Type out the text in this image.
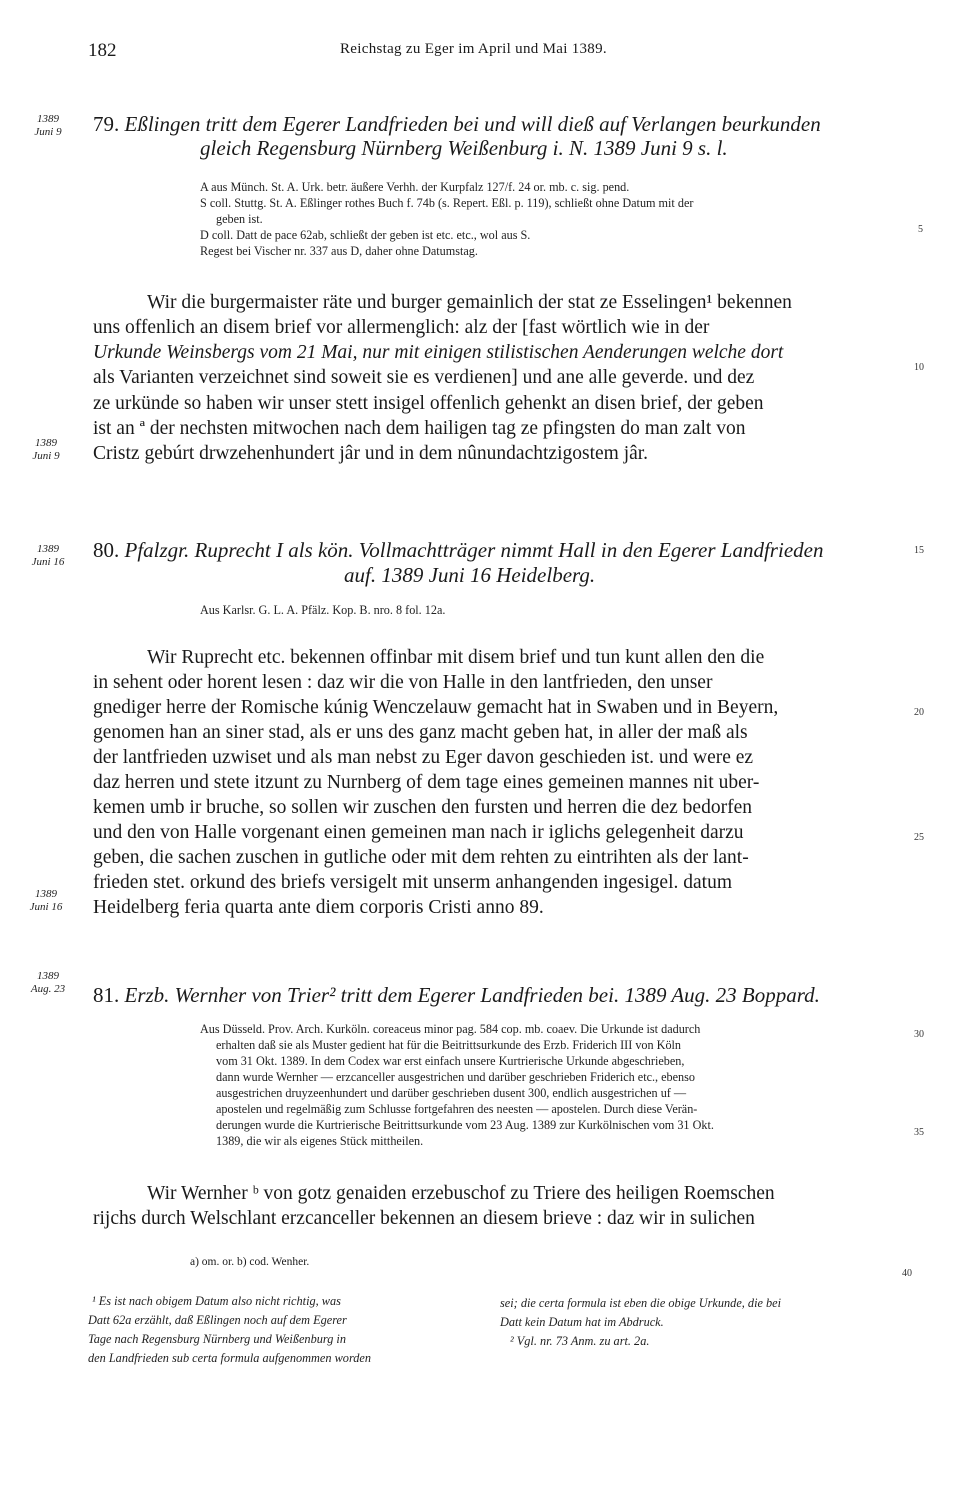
182	Reichstag zu Eger im April und Mai 1389.
1389
Juni 9	79. Eßlingen tritt dem Egerer Landfrieden bei und will dieß auf Verlangen beurkunden
gleich Regensburg Nürnberg Weißenburg i. N. 1389 Juni 9 s. l.
A aus Münch. St. A. Urk. betr. äußere Verhh. der Kurpfalz 127/f. 24 or. mb. c. sig. pend.
S coll. Stuttg. St. A. Eßlinger rothes Buch f. 74b (s. Repert. Eßl. p. 119), schließt ohne Datum mit der
geben ist.
D coll. Datt de pace 62ab, schließt der geben ist etc. etc., wol aus S.
Regest bei Vischer nr. 337 aus D, daher ohne Datumstag.
Wir die burgermaister räte und burger gemainlich der stat ze Esselingen¹ bekennen
uns offenlich an disem brief vor allermenglich: alz der [fast wörtlich wie in der
Urkunde Weinsbergs vom 21 Mai, nur mit einigen stilistischen Aenderungen welche dort
als Varianten verzeichnet sind soweit sie es verdienen] und ane alle geverde. und dez
ze urkünde so haben wir unser stett insigel offenlich gehenkt an disen brief, der geben
ist an ª der nechsten mitwochen nach dem hailigen tag ze pfingsten do man zalt von
Cristz gebúrt drwzehenhundert jâr und in dem nûnundachtzigostem jâr.
1389
Juni 9
1389
Juni 16 80. Pfalzgr. Ruprecht I als kön. Vollmachtträger nimmt Hall in den Egerer Landfrieden
auf. 1389 Juni 16 Heidelberg.
Aus Karlsr. G. L. A. Pfälz. Kop. B. nro. 8 fol. 12a.
Wir Ruprecht etc. bekennen offinbar mit disem brief und tun kunt allen den die
in sehent oder horent lesen : daz wir die von Halle in den lantfrieden, den unser
gnediger herre der Romische kúnig Wenczelauw gemacht hat in Swaben und in Beyern,
genomen han an siner stad, als er uns des ganz macht geben hat, in aller der maß als
der lantfrieden uzwiset und als man nebst zu Eger davon geschieden ist. und were ez
daz herren und stete itzunt zu Nurnberg of dem tage eines gemeinen mannes nit uber-
kemen umb ir bruche, so sollen wir zuschen den fursten und herren die dez bedorfen
und den von Halle vorgenant einen gemeinen man nach ir iglichs gelegenheit darzu
geben, die sachen zuschen in gutliche oder mit dem rehten zu eintrihten als der lant-
frieden stet. orkund des briefs versigelt mit unserm anhangenden ingesigel. datum
Heidelberg feria quarta ante diem corporis Cristi anno 89.
1389
Juni 16
1389
Aug. 23 81. Erzb. Wernher von Trier² tritt dem Egerer Landfrieden bei. 1389 Aug. 23 Boppard.
Aus Düsseld. Prov. Arch. Kurköln. coreaceus minor pag. 584 cop. mb. coaev. Die Urkunde ist dadurch
erhalten daß sie als Muster gedient hat für die Beitrittsurkunde des Erzb. Friderich III von Köln
vom 31 Okt. 1389. In dem Codex war erst einfach unsere Kurtrierische Urkunde abgeschrieben,
dann wurde Wernher — erzcanceller ausgestrichen und darüber geschrieben Friderich etc., ebenso
ausgestrichen druyzeenhundert und darüber geschrieben dusent 300, endlich ausgestrichen uf —
apostelen und regelmäßig zum Schlusse fortgefahren des neesten — apostelen. Durch diese Verän-
derungen wurde die Kurtrierische Beitrittsurkunde vom 23 Aug. 1389 zur Kurkölnischen vom 31 Okt.
1389, die wir als eigenes Stück mittheilen.
Wir Wernher ᵇ von gotz genaiden erzebuschof zu Triere des heiligen Roemschen
rijchs durch Welschlant erzcanceller bekennen an diesem brieve : daz wir in sulichen
a) om. or. b) cod. Wenher.
5
10
15
20
25
30
35
40
¹ Es ist nach obigem Datum also nicht richtig, was
Datt 62a erzählt, daß Eßlingen noch auf dem Egerer
Tage nach Regensburg Nürnberg und Weißenburg in
den Landfrieden sub certa formula aufgenommen worden
sei; die certa formula ist eben die obige Urkunde, die bei
Datt kein Datum hat im Abdruck.
² Vgl. nr. 73 Anm. zu art. 2a.
